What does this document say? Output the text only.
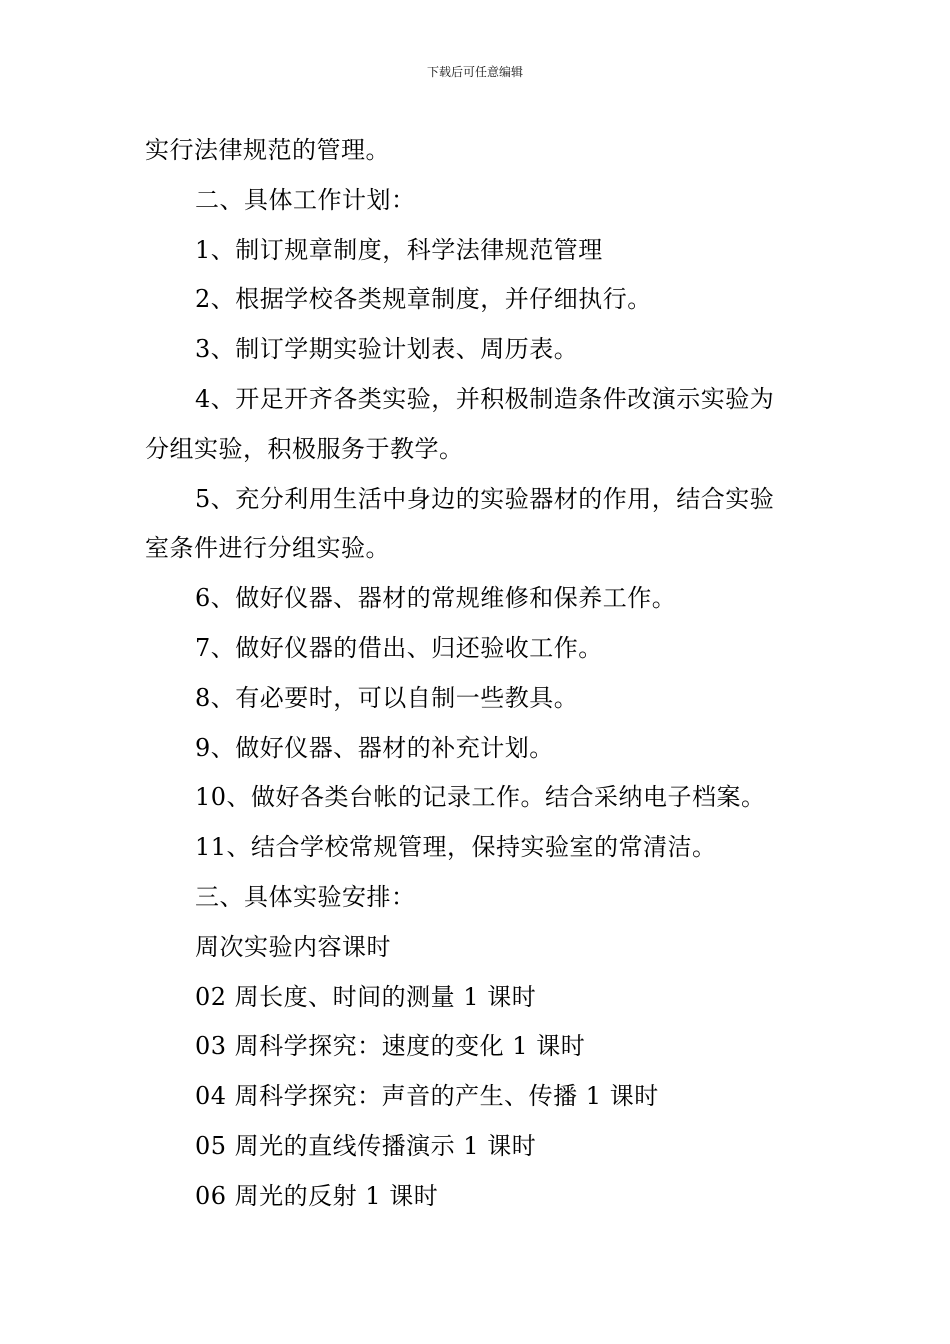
下载后可任意编辑
实行法律规范的管理。
二、具体工作计划：
1、制订规章制度，科学法律规范管理
2、根据学校各类规章制度，并仔细执行。
3、制订学期实验计划表、周历表。
4、开足开齐各类实验，并积极制造条件改演示实验为
分组实验，积极服务于教学。
5、充分利用生活中身边的实验器材的作用，结合实验
室条件进行分组实验。
6、做好仪器、器材的常规维修和保养工作。
7、做好仪器的借出、归还验收工作。
8、有必要时，可以自制一些教具。
9、做好仪器、器材的补充计划。
10、做好各类台帐的记录工作。结合采纳电子档案。
11、结合学校常规管理，保持实验室的常清洁。
三、具体实验安排：
周次实验内容课时
02 周长度、时间的测量 1 课时
03 周科学探究：速度的变化 1 课时
04 周科学探究：声音的产生、传播 1 课时
05 周光的直线传播演示 1 课时
06 周光的反射 1 课时
